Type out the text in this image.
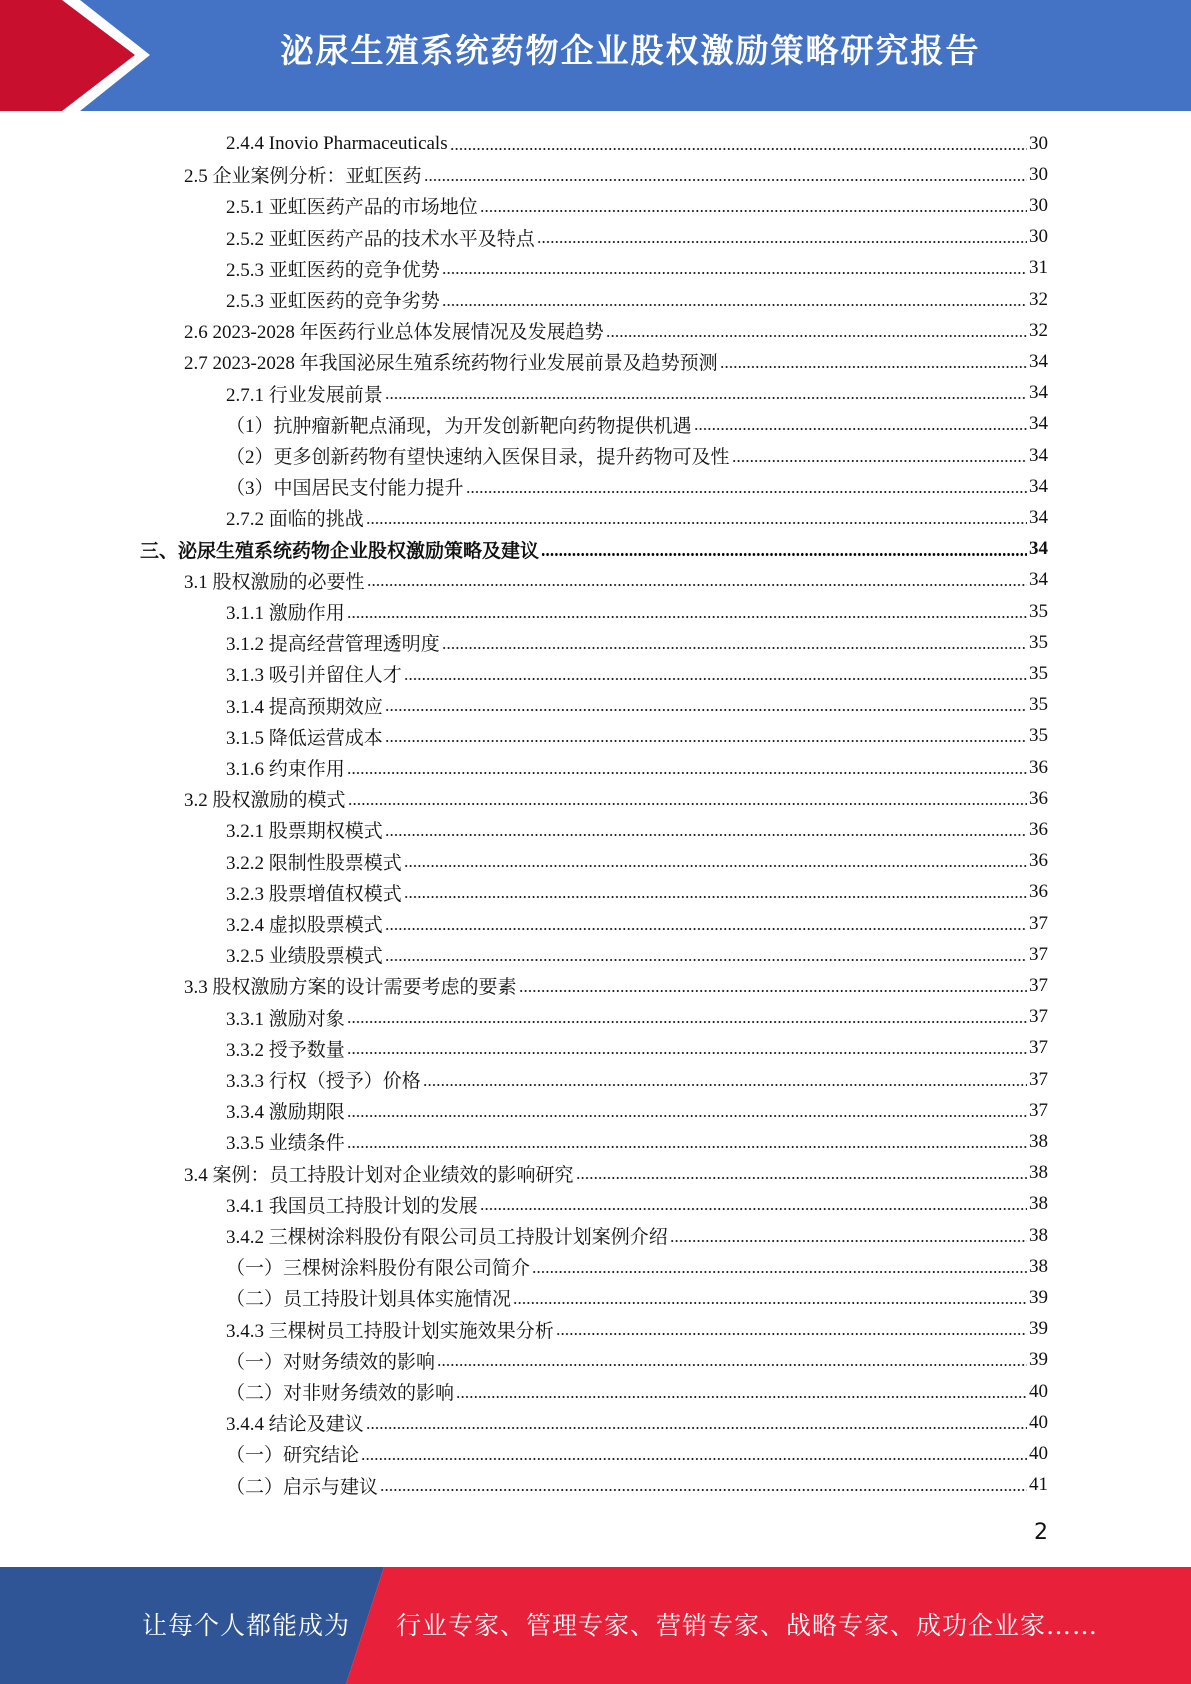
泌尿生殖系统药物企业股权激励策略研究报告
2.4.4 Inovio Pharmaceuticals	30
2.5 企业案例分析：亚虹医药	30
2.5.1 亚虹医药产品的市场地位	30
2.5.2 亚虹医药产品的技术水平及特点	30
2.5.3 亚虹医药的竞争优势	31
2.5.3 亚虹医药的竞争劣势	32
2.6 2023-2028 年医药行业总体发展情况及发展趋势	32
2.7 2023-2028 年我国泌尿生殖系统药物行业发展前景及趋势预测	34
2.7.1 行业发展前景	34
（1）抗肿瘤新靶点涌现，为开发创新靶向药物提供机遇	34
（2）更多创新药物有望快速纳入医保目录，提升药物可及性	34
（3）中国居民支付能力提升	34
2.7.2 面临的挑战	34
三、泌尿生殖系统药物企业股权激励策略及建议	34
3.1 股权激励的必要性	34
3.1.1 激励作用	35
3.1.2 提高经营管理透明度	35
3.1.3 吸引并留住人才	35
3.1.4 提高预期效应	35
3.1.5 降低运营成本	35
3.1.6 约束作用	36
3.2 股权激励的模式	36
3.2.1 股票期权模式	36
3.2.2 限制性股票模式	36
3.2.3 股票增值权模式	36
3.2.4 虚拟股票模式	37
3.2.5 业绩股票模式	37
3.3 股权激励方案的设计需要考虑的要素	37
3.3.1 激励对象	37
3.3.2 授予数量	37
3.3.3 行权（授予）价格	37
3.3.4 激励期限	37
3.3.5 业绩条件	38
3.4 案例：员工持股计划对企业绩效的影响研究	38
3.4.1 我国员工持股计划的发展	38
3.4.2 三棵树涂料股份有限公司员工持股计划案例介绍	38
（一）三棵树涂料股份有限公司简介	38
（二）员工持股计划具体实施情况	39
3.4.3 三棵树员工持股计划实施效果分析	39
（一）对财务绩效的影响	39
（二）对非财务绩效的影响	40
3.4.4 结论及建议	40
（一）研究结论	40
（二）启示与建议	41
2
让每个人都能成为 行业专家、管理专家、营销专家、战略专家、成功企业家……
